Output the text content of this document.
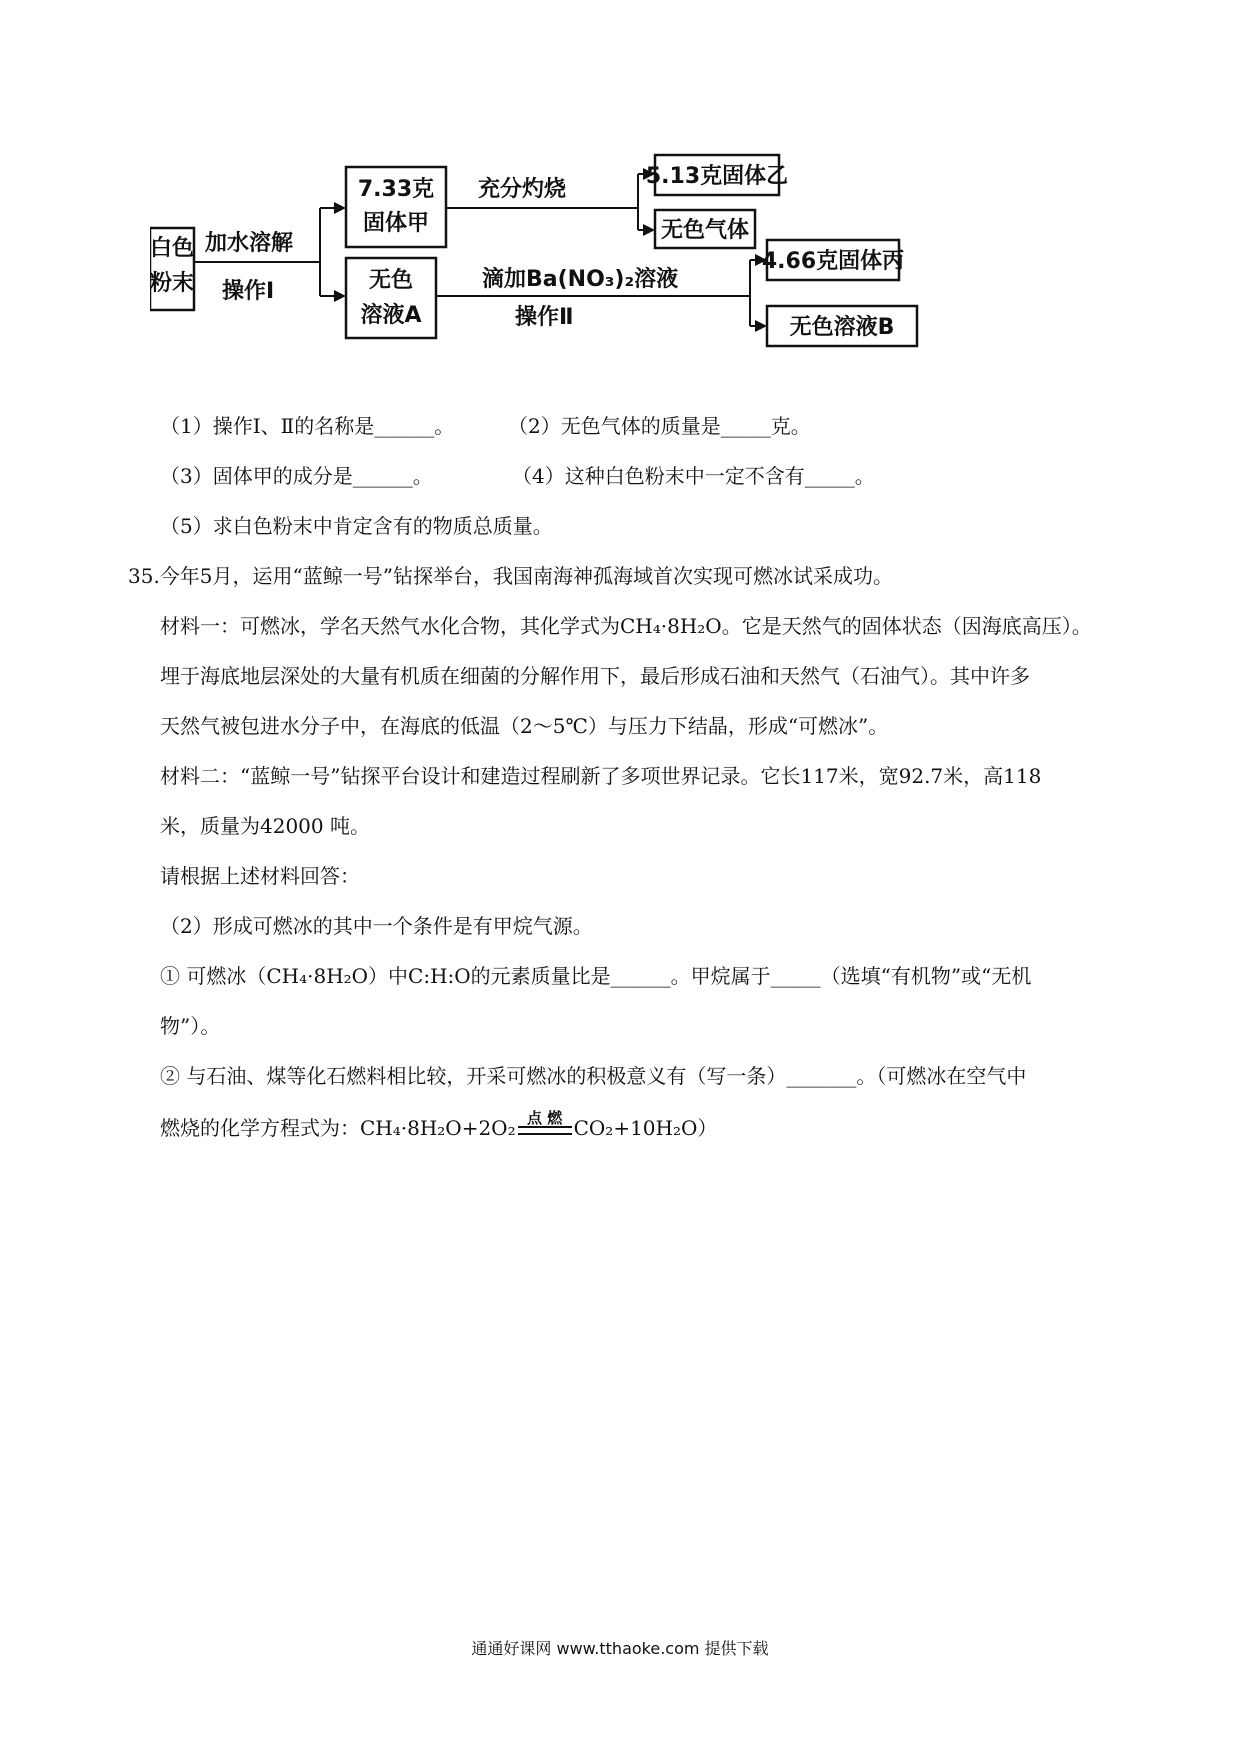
白色
粉末
加水溶解
操作Ⅰ
7.33克
固体甲
无色
溶液A
充分灼烧
5.13克固体乙
无色气体
滴加Ba(NO₃)₂溶液
操作Ⅱ
4.66克固体丙
无色溶液B
（1）操作Ⅰ、Ⅱ的名称是______。	（2）无色气体的质量是_____克。
（3）固体甲的成分是______。	（4）这种白色粉末中一定不含有_____。
（5）求白色粉末中肯定含有的物质总质量。
35.今年5月，运用“蓝鲸一号”钻探举台，我国南海神孤海域首次实现可燃冰试采成功。
材料一：可燃冰，学名天然气水化合物，其化学式为CH₄·8H₂O。它是天然气的固体状态（因海底高压）。
埋于海底地层深处的大量有机质在细菌的分解作用下，最后形成石油和天然气（石油气）。其中许多
天然气被包进水分子中，在海底的低温（2～5℃）与压力下结晶，形成“可燃冰”。
材料二：“蓝鲸一号”钻探平台设计和建造过程刷新了多项世界记录。它长117米，宽92.7米，高118
米，质量为42000 吨。
请根据上述材料回答：
（2）形成可燃冰的其中一个条件是有甲烷气源。
① 可燃冰（CH₄·8H₂O）中C:H:O的元素质量比是______。甲烷属于_____（选填“有机物”或“无机
物”）。
② 与石油、煤等化石燃料相比较，开采可燃冰的积极意义有（写一条）_______。（可燃冰在空气中
燃烧的化学方程式为：CH₄·8H₂O+2O₂ 点 燃 CO₂+10H₂O）
通通好课网 www.tthaoke.com 提供下载
